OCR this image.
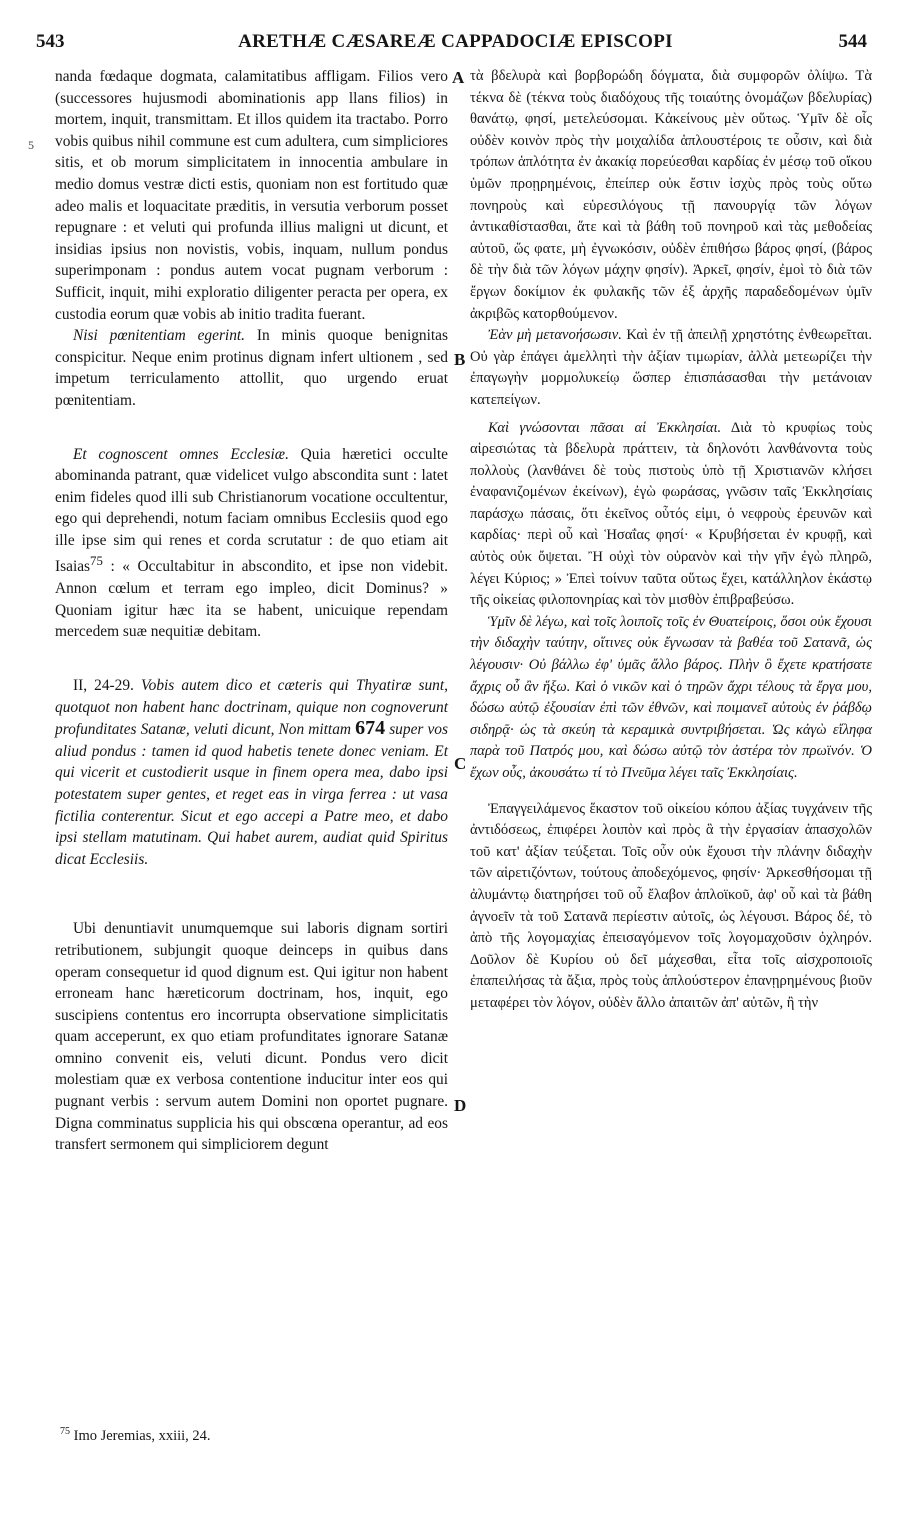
543	ARETHÆ CÆSAREÆ CAPPADOCIÆ EPISCOPI	544
5
A
B
C
D

nanda fœdaque dogmata, calamitatibus affligam. Filios vero (successores hujusmodi abominationis app llans filios) in mortem, inquit, transmittam. Et illos quidem ita tractabo. Porro vobis quibus nihil commune est cum adultera, cum simpliciores sitis, et ob morum simplicitatem in innocentia ambulare in medio domus vestræ dicti estis, quoniam non est fortitudo quæ adeo malis et loquacitate præditis, in versutia verborum posset repugnare : et veluti qui profunda illius maligni ut dicunt, et insidias ipsius non novistis, vobis, inquam, nullum pondus superimponam : pondus autem vocat pugnam verborum : Sufficit, inquit, mihi exploratio diligenter peracta per opera, ex custodia eorum quæ vobis ab initio tradita fuerant.

Nisi pœnitentiam egerint. In minis quoque benignitas conspicitur. Neque enim protinus dignam infert ultionem , sed impetum terriculamento attollit, quo urgendo eruat pœnitentiam.

Et cognoscent omnes Ecclesiæ. Quia hæretici occulte abominanda patrant, quæ videlicet vulgo abscondita sunt : latet enim fideles quod illi sub Christianorum vocatione occultentur, ego qui deprehendi, notum faciam omnibus Ecclesiis quod ego ille ipse sim qui renes et corda scrutatur : de quo etiam ait Isaias$^{75}$ : « Occultabitur in abscondito, et ipse non videbit. Annon cœlum et terram ego impleo, dicit Dominus? » Quoniam igitur hæc ita se habent, unicuique rependam mercedem suæ nequitiæ debitam.

II, 24-29. Vobis autem dico et cæteris qui Thyatiræ sunt, quotquot non habent hanc doctrinam, quique non cognoverunt profunditates Satanæ, veluti dicunt, Non mittam 674 super vos aliud pondus : tamen id quod habetis tenete donec veniam. Et qui vicerit et custodierit usque in finem opera mea, dabo ipsi potestatem super gentes, et reget eas in virga ferrea : ut vasa fictilia conterentur. Sicut et ego accepi a Patre meo, et dabo ipsi stellam matutinam. Qui habet aurem, audiat quid Spiritus dicat Ecclesiis.

Ubi denuntiavit unumquemque sui laboris dignam sortiri retributionem, subjungit quoque deinceps in quibus dans operam consequetur id quod dignum est. Qui igitur non habent erroneam hanc hæreticorum doctrinam, hos, inquit, ego suscipiens contentus ero incorrupta observatione simplicitatis quam acceperunt, ex quo etiam profunditates ignorare Satanæ omnino convenit eis, veluti dicunt. Pondus vero dicit molestiam quæ ex verbosa contentione inducitur inter eos qui pugnant verbis : servum autem Domini non oportet pugnare. Digna comminatus supplicia his qui obscœna operantur, ad eos transfert sermonem qui simpliciorem degunt

τὰ βδελυρὰ καὶ βορβορώδη δόγματα, διὰ συμφορῶν ὀλίψω. Τὰ τέκνα δὲ (τέκνα τοὺς διαδόχους τῆς τοιαύτης ὀνομάζων βδελυρίας) θανάτῳ, φησί, μετελεύσομαι. Κἀκείνους μὲν οὕτως. Ὑμῖν δὲ οἷς οὐδὲν κοινὸν πρὸς τὴν μοιχαλίδα ἁπλουστέροις τε οὖσιν, καὶ διὰ τρόπων ἁπλότητα ἐν ἀκακίᾳ πορεύεσθαι καρδίας ἐν μέσῳ τοῦ οἴκου ὑμῶν προῃρημένοις, ἐπείπερ οὐκ ἔστιν ἰσχὺς πρὸς τοὺς οὕτω πονηροὺς καὶ εὑρεσιλόγους τῇ πανουργίᾳ τῶν λόγων ἀντικαθίστασθαι, ἅτε καὶ τὰ βάθη τοῦ πονηροῦ καὶ τὰς μεθοδείας αὐτοῦ, ὥς φατε, μὴ ἐγνωκόσιν, οὐδὲν ἐπιθήσω βάρος φησί, (βάρος δὲ τὴν διὰ τῶν λόγων μάχην φησίν). Ἀρκεῖ, φησίν, ἐμοὶ τὸ διὰ τῶν ἔργων δοκίμιον ἐκ φυλακῆς τῶν ἐξ ἀρχῆς παραδεδομένων ὑμῖν ἀκριβῶς κατορθούμενον.

Ἐὰν μὴ μετανοήσωσιν. Καὶ ἐν τῇ ἀπειλῇ χρηστότης ἐνθεωρεῖται. Οὐ γὰρ ἐπάγει ἀμελλητὶ τὴν ἀξίαν τιμωρίαν, ἀλλὰ μετεωρίζει τὴν ἐπαγωγὴν μορμολυκείῳ ὥσπερ ἐπισπάσασθαι τὴν μετάνοιαν κατεπείγων.

Καὶ γνώσονται πᾶσαι αἱ Ἐκκλησίαι. Διὰ τὸ κρυφίως τοὺς αἱρεσιώτας τὰ βδελυρὰ πράττειν, τὰ δηλονότι λανθάνοντα τοὺς πολλοὺς (λανθάνει δὲ τοὺς πιστοὺς ὑπὸ τῇ Χριστιανῶν κλήσει ἐναφανιζομένων ἐκείνων), ἐγὼ φωράσας, γνῶσιν ταῖς Ἐκκλησίαις παράσχω πάσαις, ὅτι ἐκεῖνος οὗτός εἰμι, ὁ νεφροὺς ἐρευνῶν καὶ καρδίας· περὶ οὗ καὶ Ἡσαΐας φησί· « Κρυβήσεται ἐν κρυφῇ, καὶ αὐτὸς οὐκ ὄψεται. Ἢ οὐχὶ τὸν οὐρανὸν καὶ τὴν γῆν ἐγὼ πληρῶ, λέγει Κύριος; » Ἐπεὶ τοίνυν ταῦτα οὕτως ἔχει, κατάλληλον ἑκάστῳ τῆς οἰκείας φιλοπονηρίας καὶ τὸν μισθὸν ἐπιβραβεύσω.

Ὑμῖν δὲ λέγω, καὶ τοῖς λοιποῖς τοῖς ἐν Θυατείροις, ὅσοι οὐκ ἔχουσι τὴν διδαχὴν ταύτην, οἵτινες οὐκ ἔγνωσαν τὰ βαθέα τοῦ Σατανᾶ, ὡς λέγουσιν· Οὐ βάλλω ἐφ' ὑμᾶς ἄλλο βάρος. Πλὴν ὃ ἔχετε κρατήσατε ἄχρις οὗ ἂν ἥξω. Καὶ ὁ νικῶν καὶ ὁ τηρῶν ἄχρι τέλους τὰ ἔργα μου, δώσω αὐτῷ ἐξουσίαν ἐπὶ τῶν ἐθνῶν, καὶ ποιμανεῖ αὐτοὺς ἐν ῥάβδῳ σιδηρᾷ· ὡς τὰ σκεύη τὰ κεραμικὰ συντριβήσεται. Ὡς κἀγὼ εἴληφα παρὰ τοῦ Πατρός μου, καὶ δώσω αὐτῷ τὸν ἀστέρα τὸν πρωϊνόν. Ὁ ἔχων οὖς, ἀκουσάτω τί τὸ Πνεῦμα λέγει ταῖς Ἐκκλησίαις.

Ἐπαγγειλάμενος ἕκαστον τοῦ οἰκείου κόπου ἀξίας τυγχάνειν τῆς ἀντιδόσεως, ἐπιφέρει λοιπὸν καὶ πρὸς ἃ τὴν ἐργασίαν ἀπασχολῶν τοῦ κατ' ἀξίαν τεύξεται. Τοῖς οὖν οὐκ ἔχουσι τὴν πλάνην διδαχὴν τῶν αἱρετιζόντων, τούτους ἀποδεχόμενος, φησίν· Ἀρκεσθήσομαι τῇ ἀλυμάντῳ διατηρήσει τοῦ οὗ ἔλαβον ἁπλοϊκοῦ, ἀφ' οὗ καὶ τὰ βάθη ἀγνοεῖν τὰ τοῦ Σατανᾶ περίεστιν αὐτοῖς, ὡς λέγουσι. Βάρος δέ, τὸ ἀπὸ τῆς λογομαχίας ἐπεισαγόμενον τοῖς λογομαχοῦσιν ὀχληρόν. Δοῦλον δὲ Κυρίου οὐ δεῖ μάχεσθαι, εἶτα τοῖς αἰσχροποιοῖς ἐπαπειλήσας τὰ ἄξια, πρὸς τοὺς ἁπλούστερον ἐπανῃρημένους βιοῦν μεταφέρει τὸν λόγον, οὐδὲν ἄλλο ἀπαιτῶν ἀπ' αὐτῶν, ἢ τὴν

$^{75}$ Imo Jeremias, xxiii, 24.
